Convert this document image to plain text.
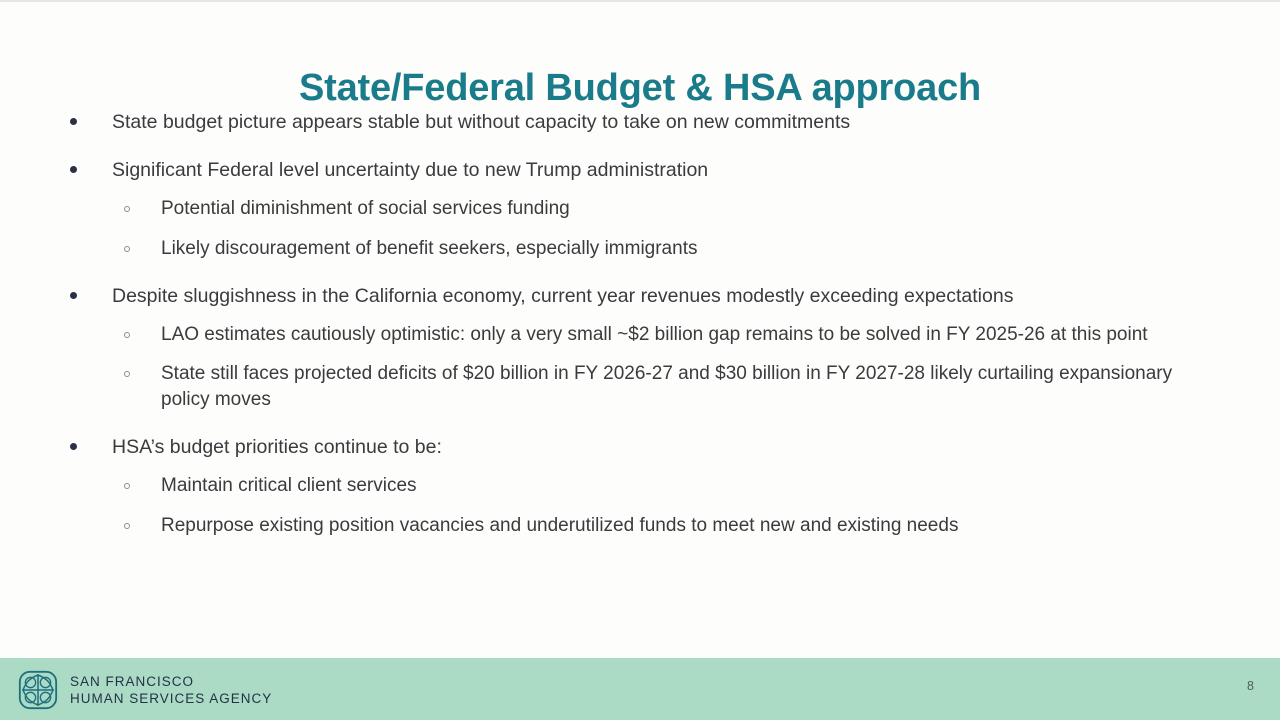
State/Federal Budget & HSA approach
State budget picture appears stable but without capacity to take on new commitments
Significant Federal level uncertainty due to new Trump administration
Potential diminishment of social services funding
Likely discouragement of benefit seekers, especially immigrants
Despite sluggishness in the California economy, current year revenues modestly exceeding expectations
LAO estimates cautiously optimistic: only a very small ~$2 billion gap remains to be solved in FY 2025-26 at this point
State still faces projected deficits of $20 billion in FY 2026-27 and $30 billion in FY 2027-28 likely curtailing expansionary policy moves
HSA’s budget priorities continue to be:
Maintain critical client services
Repurpose existing position vacancies and underutilized funds to meet new and existing needs
SAN FRANCISCO
HUMAN SERVICES AGENCY
8
